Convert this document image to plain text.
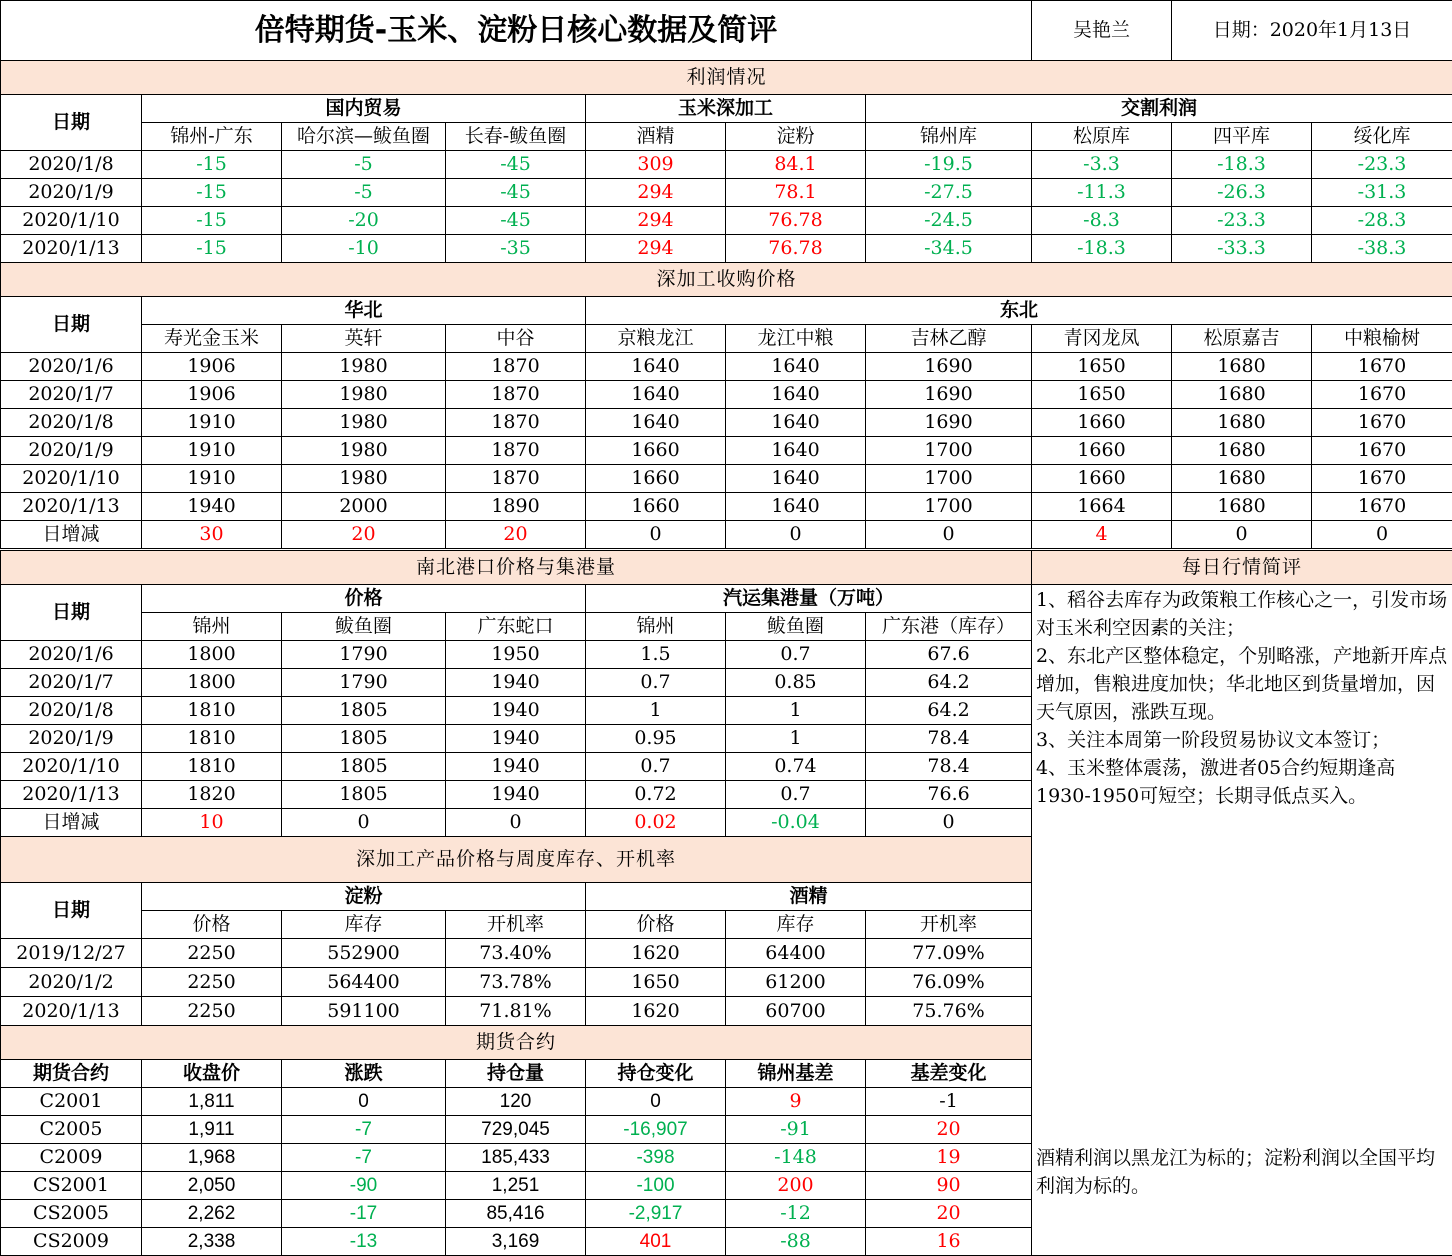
倍特期货-玉米、淀粉日核心数据及简评	吴艳兰	日期：2020年1月13日
利润情况									
日期	国内贸易			玉米深加工		交割利润			
	锦州-广东	哈尔滨—鲅鱼圈	长春-鲅鱼圈	酒精	淀粉	锦州库	松原库	四平库	绥化库
2020/1/8	-15	-5	-45	309	84.1	-19.5	-3.3	-18.3	-23.3
2020/1/9	-15	-5	-45	294	78.1	-27.5	-11.3	-26.3	-31.3
2020/1/10	-15	-20	-45	294	76.78	-24.5	-8.3	-23.3	-28.3
2020/1/13	-15	-10	-35	294	76.78	-34.5	-18.3	-33.3	-38.3
深加工收购价格									
日期	华北			东北					
	寿光金玉米	英轩	中谷	京粮龙江	龙江中粮	吉林乙醇	青冈龙凤	松原嘉吉	中粮榆树
2020/1/6	1906	1980	1870	1640	1640	1690	1650	1680	1670
2020/1/7	1906	1980	1870	1640	1640	1690	1650	1680	1670
2020/1/8	1910	1980	1870	1640	1640	1690	1660	1680	1670
2020/1/9	1910	1980	1870	1660	1640	1700	1660	1680	1670
2020/1/10	1910	1980	1870	1660	1640	1700	1660	1680	1670
2020/1/13	1940	2000	1890	1660	1640	1700	1664	1680	1670
日增减	30	20	20	0	0	0	4	0	0
南北港口价格与集港量						
日期	价格			汽运集港量（万吨）		
	锦州	鲅鱼圈	广东蛇口	锦州	鲅鱼圈	广东港（库存）
2020/1/6	1800	1790	1950	1.5	0.7	67.6
2020/1/7	1800	1790	1940	0.7	0.85	64.2
2020/1/8	1810	1805	1940	1	1	64.2
2020/1/9	1810	1805	1940	0.95	1	78.4
2020/1/10	1810	1805	1940	0.7	0.74	78.4
2020/1/13	1820	1805	1940	0.72	0.7	76.6
日增减	10	0	0	0.02	-0.04	0
深加工产品价格与周度库存、开机率						
日期	淀粉			酒精		
	价格	库存	开机率	价格	库存	开机率
2019/12/27	2250	552900	73.40%	1620	64400	77.09%
2020/1/2	2250	564400	73.78%	1650	61200	76.09%
2020/1/13	2250	591100	71.81%	1620	60700	75.76%
期货合约						
期货合约	收盘价	涨跌	持仓量	持仓变化	锦州基差	基差变化
C2001	1,811	0	120	0	9	-1
C2005	1,911	-7	729,045	-16,907	-91	20
C2009	1,968	-7	185,433	-398	-148	19
CS2001	2,050	-90	1,251	-100	200	90
CS2005	2,262	-17	85,416	-2,917	-12	20
CS2009	2,338	-13	3,169	401	-88	16
每日行情简评

1、稻谷去库存为政策粮工作核心之一，引发市场对玉米利空因素的关注；
2、东北产区整体稳定，个别略涨，产地新开库点增加，售粮进度加快；华北地区到货量增加，因天气原因，涨跌互现。
3、关注本周第一阶段贸易协议文本签订；
4、玉米整体震荡，激进者05合约短期逢高1930-1950可短空；长期寻低点买入。
酒精利润以黑龙江为标的；淀粉利润以全国平均利润为标的。
